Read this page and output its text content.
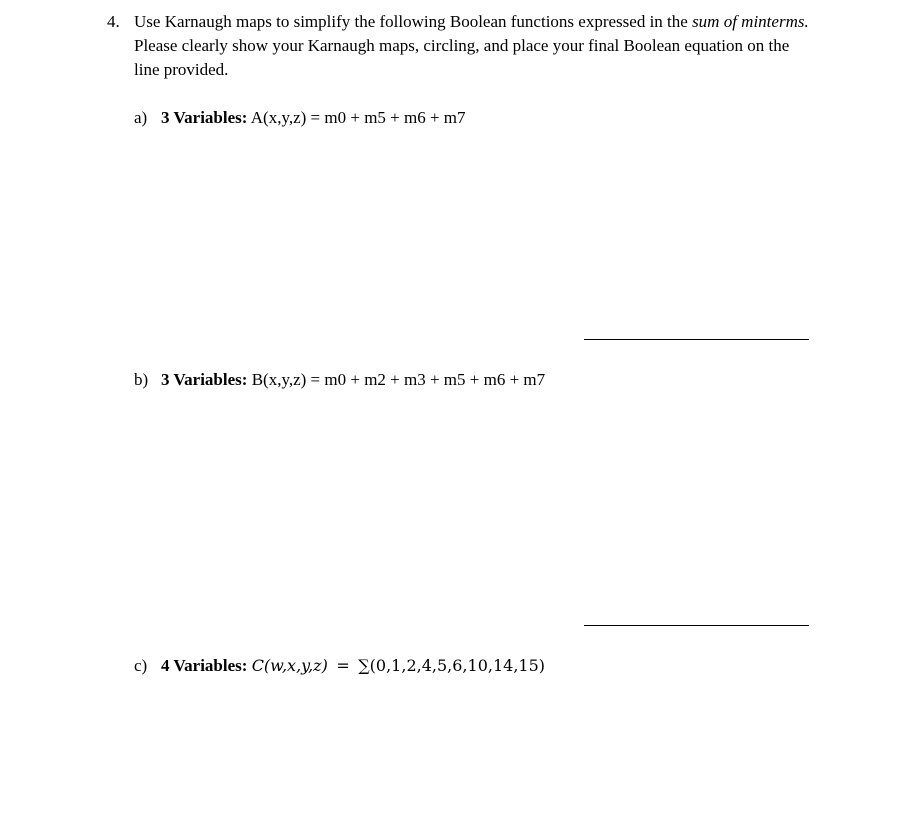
4. Use Karnaugh maps to simplify the following Boolean functions expressed in the sum of minterms. Please clearly show your Karnaugh maps, circling, and place your final Boolean equation on the line provided.
a) 3 Variables: A(x,y,z) = m0 + m5 + m6 + m7
b) 3 Variables: B(x,y,z) = m0 + m2 + m3 + m5 + m6 + m7
c) 4 Variables: C(w,x,y,z) = ∑(0,1,2,4,5,6,10,14,15)
